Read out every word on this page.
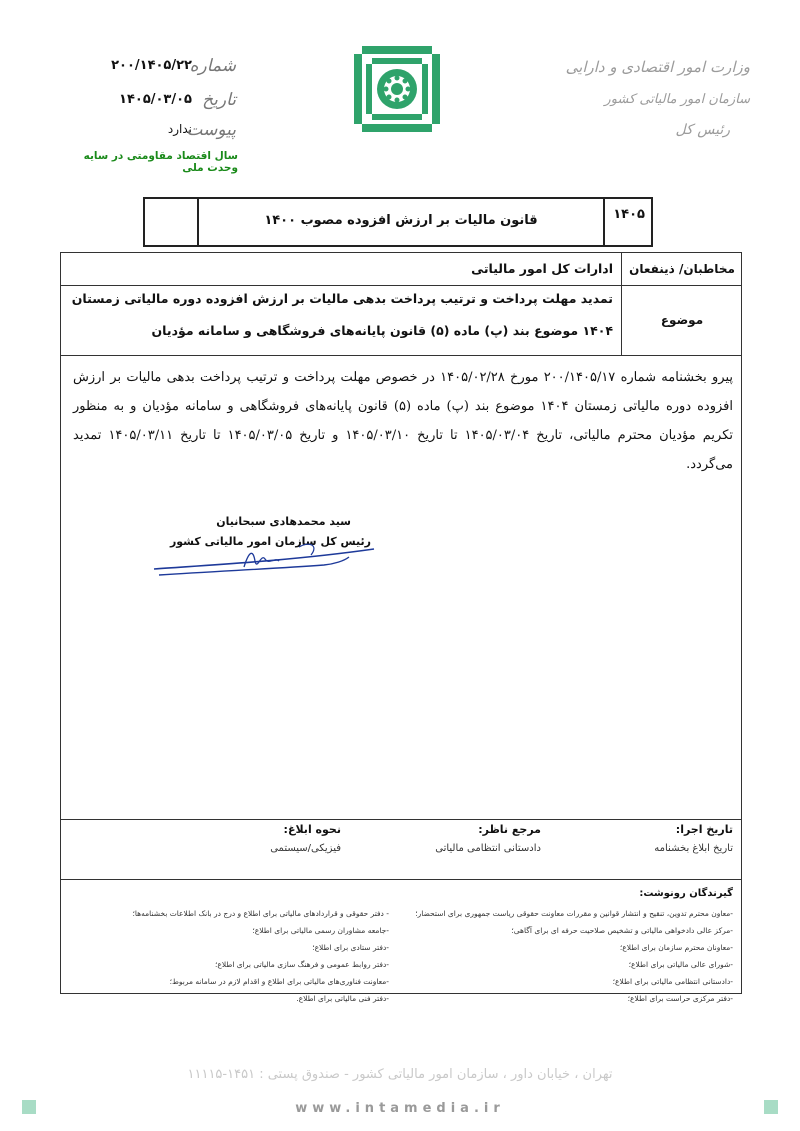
۲۰۰/۱۴۰۵/۲۲
شماره
۱۴۰۵/۰۳/۰۵ تاریخ
ندارد
پیوست
سال اقتصاد مقاومتی در سایه وحدت ملی
وزارت امور اقتصادی و دارایی
سازمان امور مالیاتی کشور
رئیس کل
۱۴۰۵
قانون مالیات بر ارزش افزوده مصوب ۱۴۰۰
مخاطبان/ ذینفعان
ادارات کل امور مالیاتی
موضوع
تمدید مهلت پرداخت و ترتیب پرداخت بدهی مالیات بر ارزش افزوده دوره مالیاتی زمستان
۱۴۰۴ موضوع بند (پ) ماده (۵) قانون پایانه‌های فروشگاهی و سامانه مؤدیان
پیرو بخشنامه شماره ۲۰۰/۱۴۰۵/۱۷ مورخ ۱۴۰۵/۰۲/۲۸ در خصوص مهلت پرداخت و ترتیب پرداخت بدهی مالیات بر ارزش افزوده دوره مالیاتی زمستان ۱۴۰۴ موضوع بند (پ) ماده (۵) قانون پایانه‌های فروشگاهی و سامانه مؤدیان و به منظور تکریم مؤدیان محترم مالیاتی، تاریخ ۱۴۰۵/۰۳/۰۴ تا تاریخ ۱۴۰۵/۰۳/۱۰ و تاریخ ۱۴۰۵/۰۳/۰۵ تا تاریخ ۱۴۰۵/۰۳/۱۱ تمدید می‌گردد.
سید محمدهادی سبحانیان
رئیس کل سازمان امور مالیاتی کشور
تاریخ اجرا:
تاریخ ابلاغ بخشنامه
مرجع ناظر:
دادستانی انتظامی مالیاتی
نحوه ابلاغ:
فیزیکی/سیستمی
گیرندگان رونوشت:
-معاون محترم تدوین، تنقیح و انتشار قوانین و مقررات معاونت حقوقی ریاست جمهوری برای استحضار؛
-مرکز عالی دادخواهی مالیاتی و تشخیص صلاحیت حرفه ای برای آگاهی؛
-معاونان محترم سازمان برای اطلاع؛
-شورای عالی مالیاتی برای اطلاع؛
-دادستانی انتظامی مالیاتی برای اطلاع؛
-دفتر مرکزی حراست برای اطلاع؛
- دفتر حقوقی و قراردادهای مالیاتی برای اطلاع و درج در بانک اطلاعات بخشنامه‌ها؛
-جامعه مشاوران رسمی مالیاتی برای اطلاع؛
-دفتر ستادی برای اطلاع؛
-دفتر روابط عمومی و فرهنگ سازی مالیاتی برای اطلاع؛
-معاونت فناوری‌های مالیاتی برای اطلاع و اقدام لازم در سامانه مربوط؛
-دفتر فنی مالیاتی برای اطلاع.
تهران ، خیابان داور ، سازمان امور مالیاتی کشور - صندوق پستی : ۱۴۵۱-۱۱۱۱۵
www.intamedia.ir
